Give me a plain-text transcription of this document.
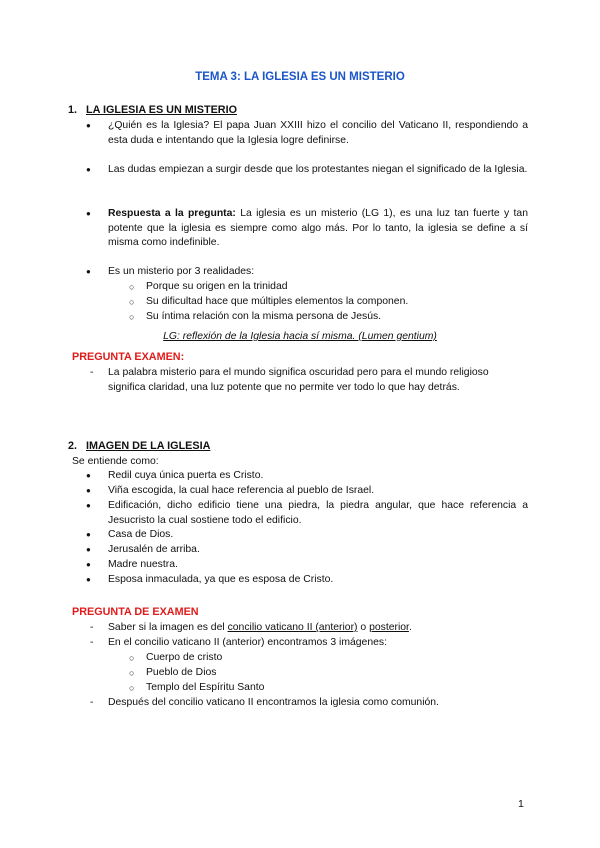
TEMA 3: LA IGLESIA ES UN MISTERIO
1. LA IGLESIA ES UN MISTERIO
● ¿Quién es la Iglesia? El papa Juan XXIII hizo el concilio del Vaticano II, respondiendo a esta duda e intentando que la Iglesia logre definirse.
● Las dudas empiezan a surgir desde que los protestantes niegan el significado de la Iglesia.
● Respuesta a la pregunta: La iglesia es un misterio (LG 1), es una luz tan fuerte y tan potente que la iglesia es siempre como algo más. Por lo tanto, la iglesia se define a sí misma como indefinible.
● Es un misterio por 3 realidades:
○ Porque su origen en la trinidad
○ Su dificultad hace que múltiples elementos la componen.
○ Su íntima relación con la misma persona de Jesús.
LG: reflexión de la Iglesia hacia sí misma. (Lumen gentium)
PREGUNTA EXAMEN:
- La palabra misterio para el mundo significa oscuridad pero para el mundo religioso significa claridad, una luz potente que no permite ver todo lo que hay detrás.
2. IMAGEN DE LA IGLESIA
Se entiende como:
● Redil cuya única puerta es Cristo.
● Viña escogida, la cual hace referencia al pueblo de Israel.
● Edificación, dicho edificio tiene una piedra, la piedra angular, que hace referencia a Jesucristo la cual sostiene todo el edificio.
● Casa de Dios.
● Jerusalén de arriba.
● Madre nuestra.
● Esposa inmaculada, ya que es esposa de Cristo.
PREGUNTA DE EXAMEN
- Saber si la imagen es del concilio vaticano II (anterior) o posterior.
- En el concilio vaticano II (anterior) encontramos 3 imágenes:
○ Cuerpo de cristo
○ Pueblo de Dios
○ Templo del Espíritu Santo
- Después del concilio vaticano II encontramos la iglesia como comunión.
1
